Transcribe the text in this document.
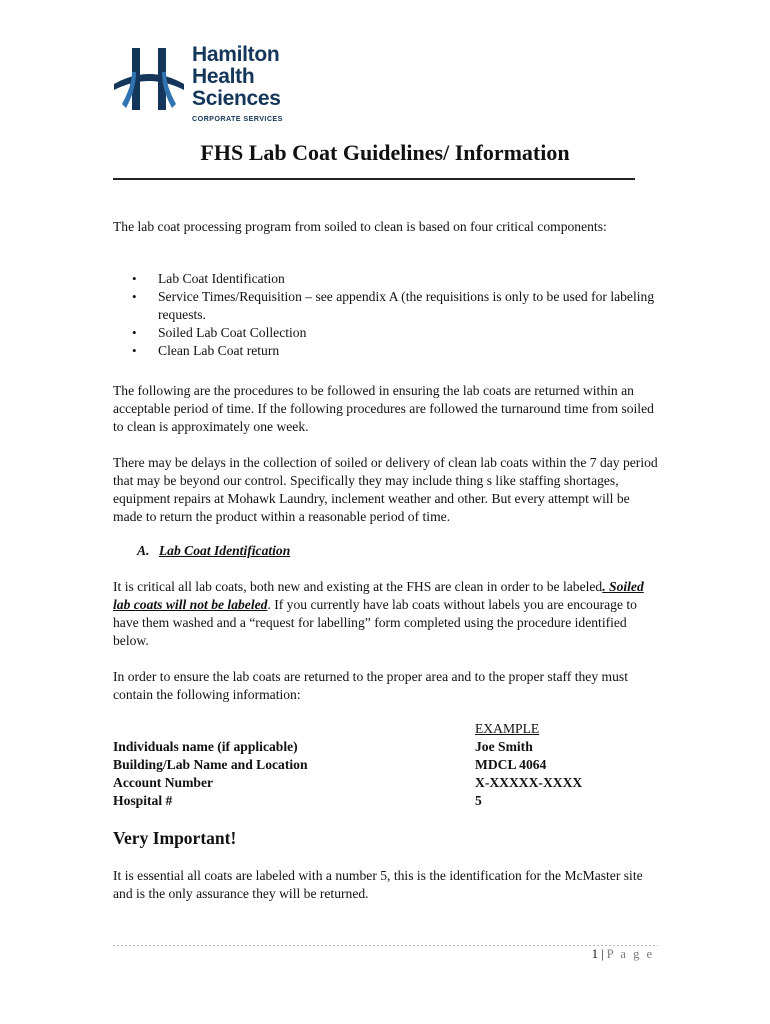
Hamilton
Health
Sciences
CORPORATE SERVICES
FHS Lab Coat Guidelines/ Information

The lab coat processing program from soiled to clean is based on four critical components:

• Lab Coat Identification
• Service Times/Requisition – see appendix A (the requisitions is only to be used for labeling requests.
• Soiled Lab Coat Collection
• Clean Lab Coat return

The following are the procedures to be followed in ensuring the lab coats are returned within an acceptable period of time. If the following procedures are followed the turnaround time from soiled to clean is approximately one week.

There may be delays in the collection of soiled or delivery of clean lab coats within the 7 day period that may be beyond our control. Specifically they may include thing s like staffing shortages, equipment repairs at Mohawk Laundry, inclement weather and other. But every attempt will be made to return the product within a reasonable period of time.

A. Lab Coat Identification

It is critical all lab coats, both new and existing at the FHS are clean in order to be labeled. Soiled lab coats will not be labeled. If you currently have lab coats without labels you are encourage to have them washed and a “request for labelling” form completed using the procedure identified below.

In order to ensure the lab coats are returned to the proper area and to the proper staff they must contain the following information:

Individuals name (if applicable)
Building/Lab Name and Location
Account Number
Hospital #
EXAMPLE
Joe Smith
MDCL 4064
X-XXXXX-XXXX
5
Very Important!

It is essential all coats are labeled with a number 5, this is the identification for the McMaster site and is the only assurance they will be returned.

1 | P a g e
